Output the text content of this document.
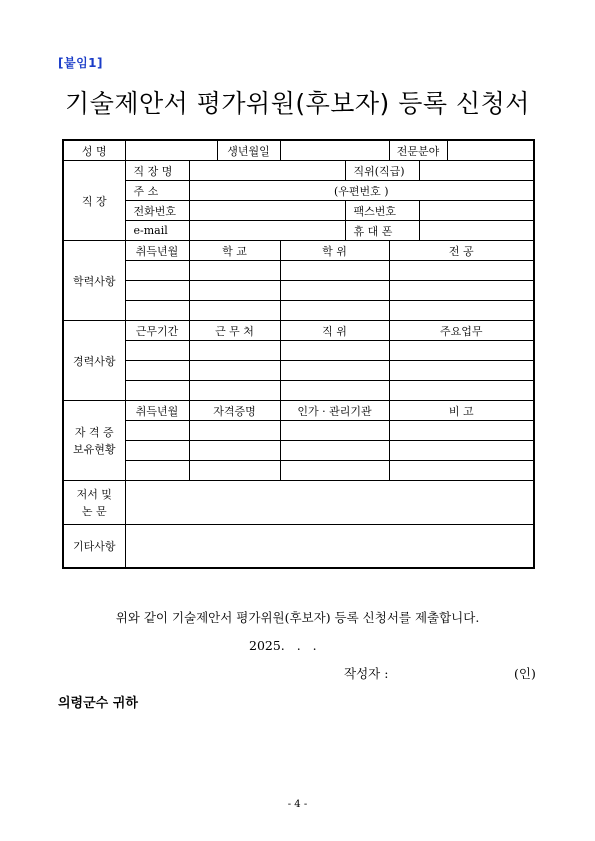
[붙임1]
기술제안서 평가위원(후보자) 등록 신청서
성 명			생년월일			전문분야		
직 장	직 장 명				직위(직급)			
	주 소	(우편번호 )						
	전화번호				팩스번호			
	e-mail				휴 대 폰			
학력사항	취득년월	학 교		학 위		전 공		

경력사항	근무기간	근 무 처		직 위		주요업무		

자 격 증
보유현황	취득년월	자격증명		인가 · 관리기관		비 고		

저서 및
논 문								
기타사항								
위와 같이 기술제안서 평가위원(후보자) 등록 신청서를 제출합니다.
2025.   .   .
작성자 :	(인)
의령군수 귀하
- 4 -
